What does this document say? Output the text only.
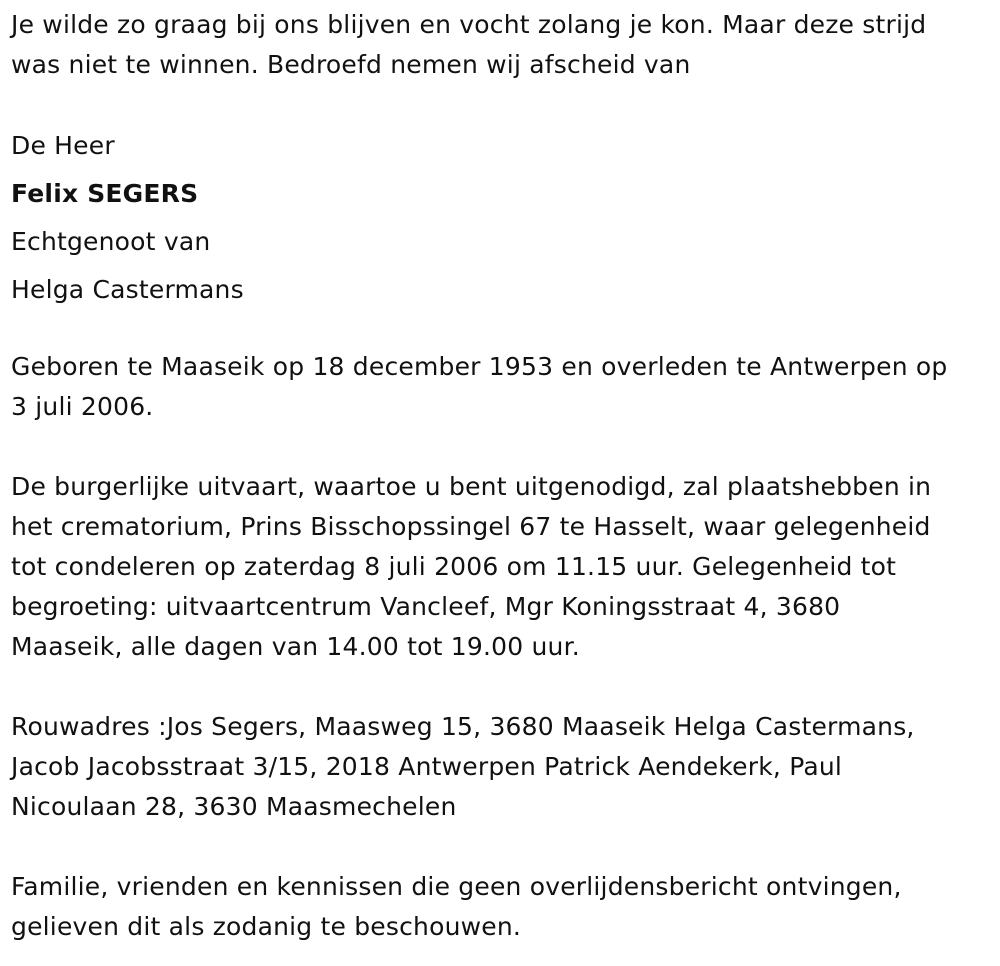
Je wilde zo graag bij ons blijven en vocht zolang je kon. Maar deze strijd
was niet te winnen. Bedroefd nemen wij afscheid van

De Heer

Felix SEGERS

Echtgenoot van

Helga Castermans

Geboren te Maaseik op 18 december 1953 en overleden te Antwerpen op
3 juli 2006.

De burgerlijke uitvaart, waartoe u bent uitgenodigd, zal plaatshebben in
het crematorium, Prins Bisschopssingel 67 te Hasselt, waar gelegenheid
tot condeleren op zaterdag 8 juli 2006 om 11.15 uur. Gelegenheid tot
begroeting: uitvaartcentrum Vancleef, Mgr Koningsstraat 4, 3680
Maaseik, alle dagen van 14.00 tot 19.00 uur.

Rouwadres :Jos Segers, Maasweg 15, 3680 Maaseik Helga Castermans,
Jacob Jacobsstraat 3/15, 2018 Antwerpen Patrick Aendekerk, Paul
Nicoulaan 28, 3630 Maasmechelen

Familie, vrienden en kennissen die geen overlijdensbericht ontvingen,
gelieven dit als zodanig te beschouwen.
